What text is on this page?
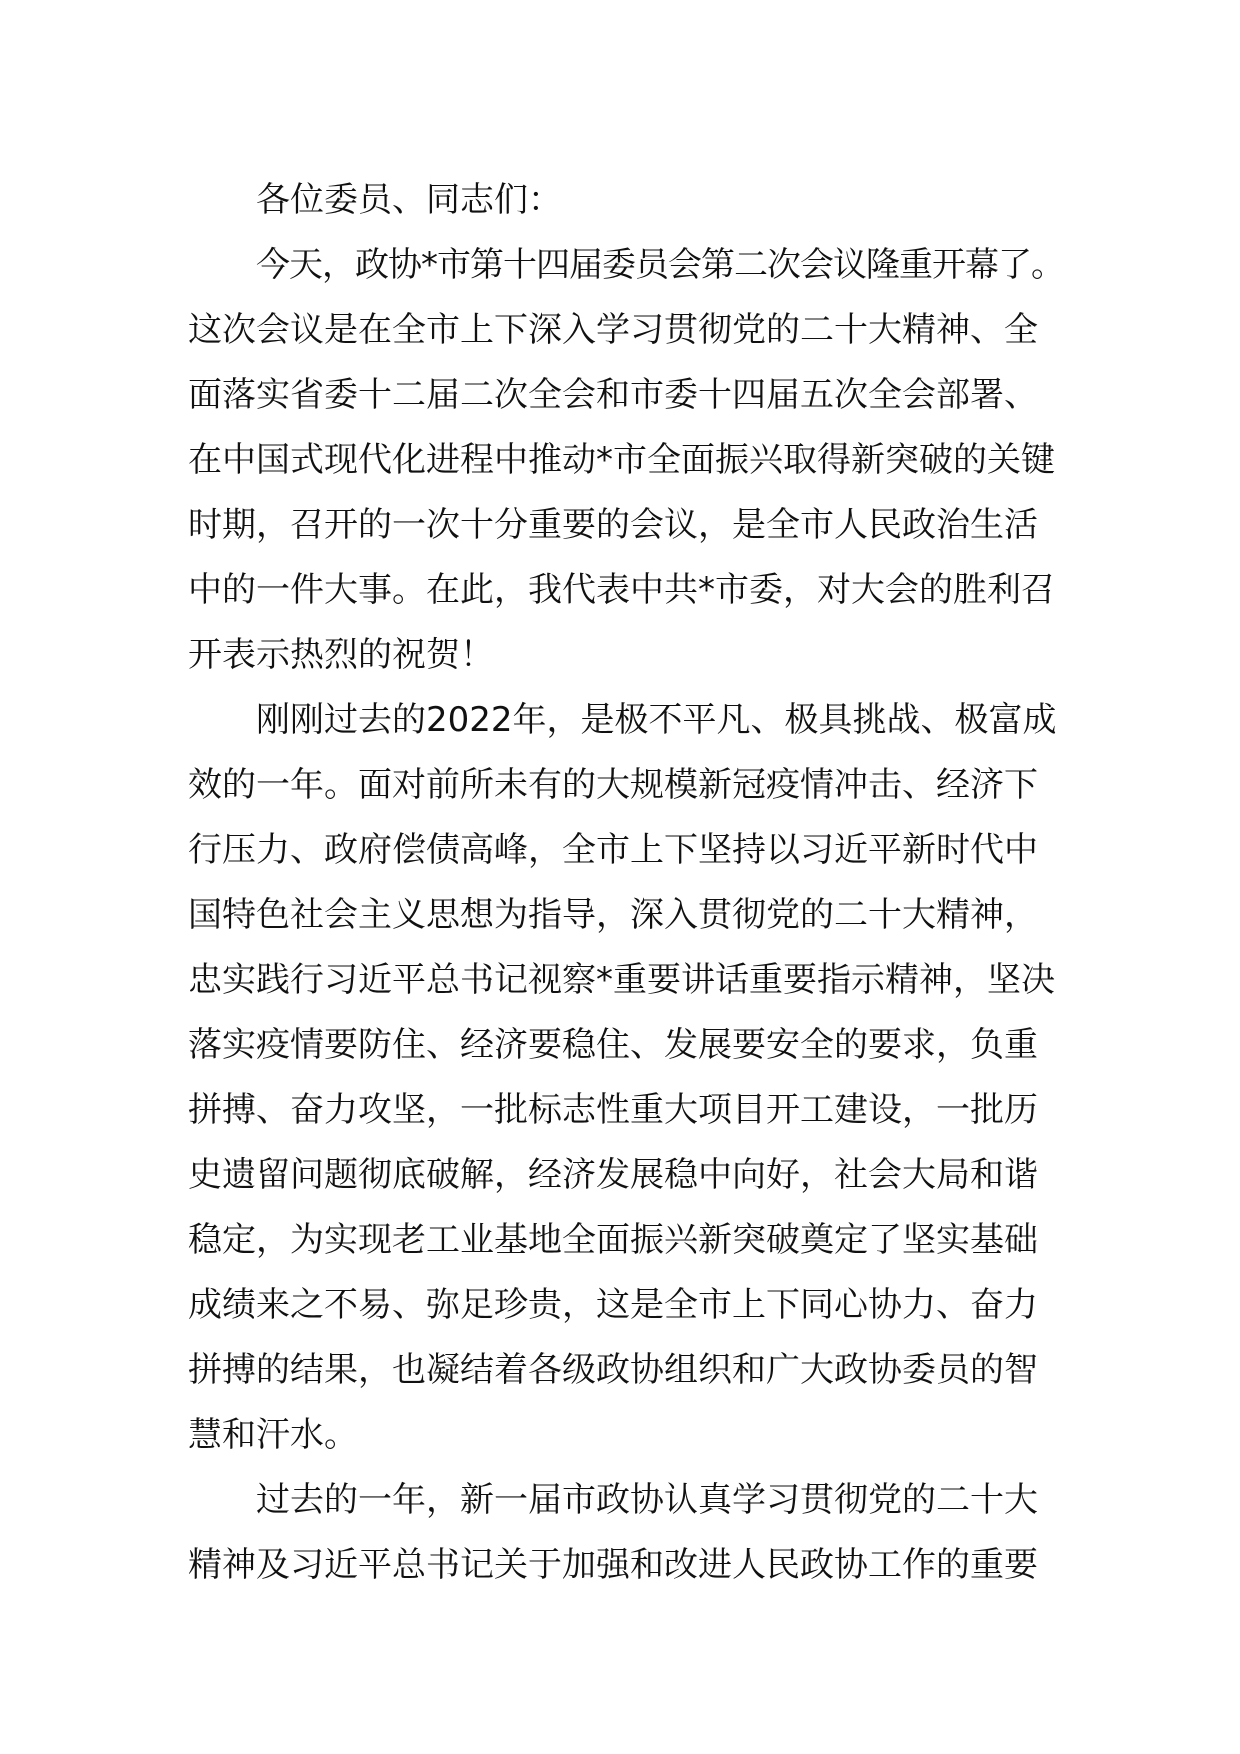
各位委员、同志们：
今天，政协*市第十四届委员会第二次会议隆重开幕了。
这次会议是在全市上下深入学习贯彻党的二十大精神、全
面落实省委十二届二次全会和市委十四届五次全会部署、
在中国式现代化进程中推动*市全面振兴取得新突破的关键
时期，召开的一次十分重要的会议，是全市人民政治生活
中的一件大事。在此，我代表中共*市委，对大会的胜利召
开表示热烈的祝贺！
刚刚过去的2022年，是极不平凡、极具挑战、极富成
效的一年。面对前所未有的大规模新冠疫情冲击、经济下
行压力、政府偿债高峰，全市上下坚持以习近平新时代中
国特色社会主义思想为指导，深入贯彻党的二十大精神，
忠实践行习近平总书记视察*重要讲话重要指示精神，坚决
落实疫情要防住、经济要稳住、发展要安全的要求，负重
拼搏、奋力攻坚，一批标志性重大项目开工建设，一批历
史遗留问题彻底破解，经济发展稳中向好，社会大局和谐
稳定，为实现老工业基地全面振兴新突破奠定了坚实基础
成绩来之不易、弥足珍贵，这是全市上下同心协力、奋力
拼搏的结果，也凝结着各级政协组织和广大政协委员的智
慧和汗水。
过去的一年，新一届市政协认真学习贯彻党的二十大
精神及习近平总书记关于加强和改进人民政协工作的重要
